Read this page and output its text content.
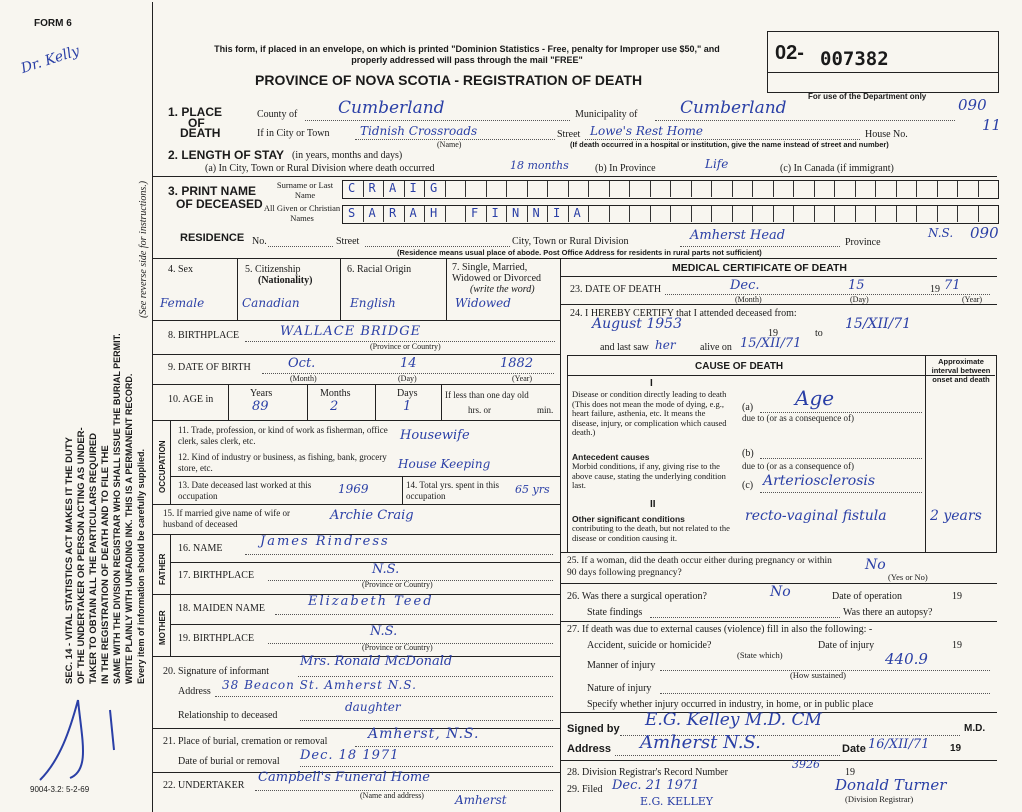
FORM 6
Dr. Kelly
SEC. 14 - VITAL STATISTICS ACT MAKES IT THE DUTY OF THE UNDERTAKER OR PERSON ACTING AS UNDER- TAKER TO OBTAIN ALL THE PARTICULARS REQUIRED IN THE REGISTRATION OF DEATH AND TO FILE THE SAME WITH THE DIVISION REGISTRAR WHO SHALL ISSUE THE BURIAL PERMIT. WRITE PLAINLY WITH UNFADING INK. THIS IS A PERMANENT RECORD. Every item of information should be carefully supplied.
(See reverse side for instructions.)
9004-3.2: 5-2-69
This form, if placed in an envelope, on which is printed "Dominion Statistics - Free, penalty for Improper use $50," and properly addressed will pass through the mail "FREE"
PROVINCE OF NOVA SCOTIA - REGISTRATION OF DEATH
02- 007382
For use of the Department only 090
1. PLACE
OF
DEATH
County of Cumberland	Municipality of	Cumberland
If in City or Town	Tidnish Crossroads
(Name)
Street Lowe's Rest Home	House No.
11
(If death occurred in a hospital or institution, give the name instead of street and number)
2. LENGTH OF STAY (in years, months and days)
(a) In City, Town or Rural Division where death occurred	18 months	(b) In Province	Life	(c) In Canada (if immigrant)
3. PRINT NAME
OF DECEASED
Surname or Last Name
All Given or Christian Names
RESIDENCE No.	Street	City, Town or Rural Division	Amherst Head	Province
N.S. 090
(Residence means usual place of abode. Post Office Address for residents in rural parts not sufficient)
4. Sex
Female
5. Citizenship
(Nationality)
Canadian
6. Racial Origin
English
7. Single, Married, Widowed or Divorced
(write the word)
Widowed
8. BIRTHPLACE	WALLACE BRIDGE
(Province or Country)
9. DATE OF BIRTH	Oct.	14	1882
(Month)	(Day)	(Year)
10. AGE in
Years	Months	Days
89	2	1
If less than one day old
hrs. or	min.
OCCUPATION
11. Trade, profession, or kind of work as fisherman, office clerk, sales clerk, etc.	Housewife
12. Kind of industry or business, as fishing, bank, grocery store, etc.	House Keeping
13. Date deceased last worked at this occupation	1969	14. Total yrs. spent in this occupation	65 yrs
15. If married give name of wife or husband of deceased
Archie Craig
FATHER
16. NAME	James Rindress
17. BIRTHPLACE	N.S.
(Province or Country)
MOTHER
18. MAIDEN NAME	Elizabeth Teed
19. BIRTHPLACE	N.S.
(Province or Country)
20. Signature of informant
Mrs. Ronald McDonald
Address 38 Beacon St. Amherst N.S.
Relationship to deceased
daughter
21. Place of burial, cremation or removal	Amherst, N.S.
Date of burial or removal Dec. 18 1971
22. UNDERTAKER
Campbell's Funeral Home
Amherst
(Name and address)
MEDICAL CERTIFICATE OF DEATH
23. DATE OF DEATH	Dec.	15	19 71
(Month)	(Day)	(Year)
24. I HEREBY CERTIFY that I attended deceased from:
August 1953
19	to
15/XII/71
and last saw her alive on 15/XII/71
CAUSE OF DEATH	Approximate interval between onset and death
I
Disease or condition directly leading to death (This does not mean the mode of dying, e.g., heart failure, asthenia, etc. It means the disease, injury, or complication which caused death.)
(a) Age
due to (or as a consequence of)
Antecedent causes
Morbid conditions, if any, giving rise to the above cause, stating the underlying condition last.
(b)
due to (or as a consequence of)
(c) Arteriosclerosis
II
Other significant conditions
contributing to the death, but not related to the disease or condition causing it.
recto-vaginal fistula	2 years
25. If a woman, did the death occur either during pregnancy or within 90 days following pregnancy?	No
(Yes or No)
26. Was there a surgical operation?	No	Date of operation	19
State findings	Was there an autopsy?
27. If death was due to external causes (violence) fill in also the following: -
Accident, suicide or homicide?
(State which)
Date of injury	19
Manner of injury	440.9
(How sustained)
Nature of injury
Specify whether injury occurred in industry, in home, or in public place
Signed by E.G. Kelley M.D. CM	M.D.
Address Amherst N.S.	Date 16/XII/71 19
28. Division Registrar's Record Number
3926
19
29. Filed Dec. 21 1971	Donald Turner
(Division Registrar)
E.G. KELLEY
C R A I G
S A R A H	F I N N I A
